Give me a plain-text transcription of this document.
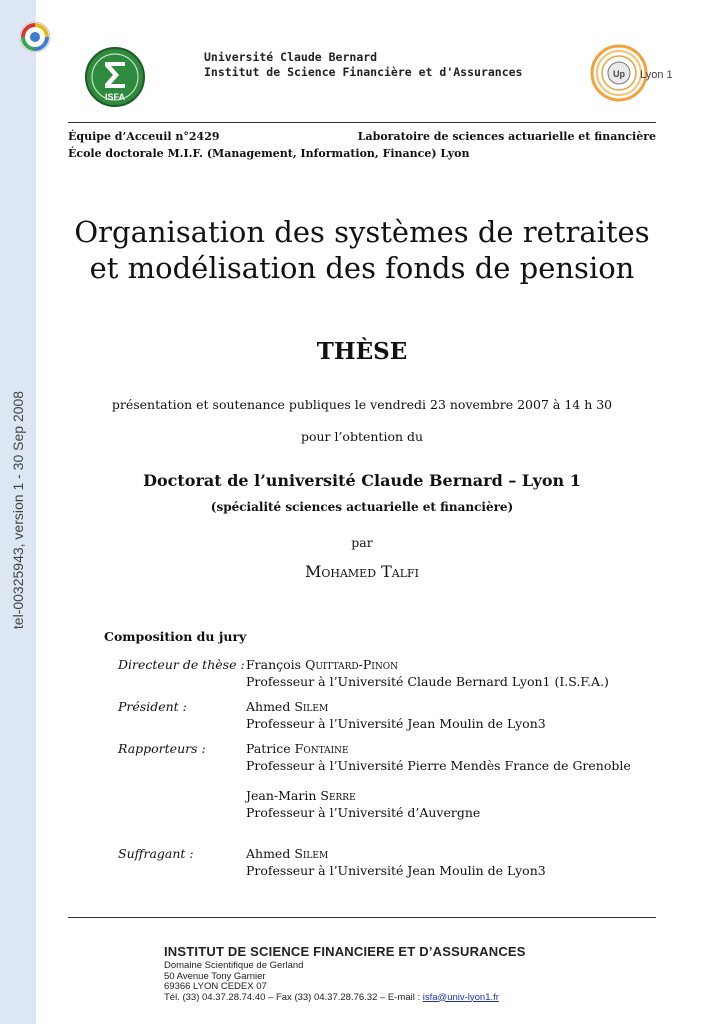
tel-00325943, version 1 - 30 Sep 2008
ISFA
Université Claude Bernard
Institut de Science Financière et d'Assurances	Up Lyon 1
Équipe d’Acceuil n°2429	Laboratoire de sciences actuarielle et financière
École doctorale M.I.F. (Management, Information, Finance) Lyon
Organisation des systèmes de retraites
et modélisation des fonds de pension
THÈSE
présentation et soutenance publiques le vendredi 23 novembre 2007 à 14 h 30
pour l’obtention du
Doctorat de l’université Claude Bernard – Lyon 1
(spécialité sciences actuarielle et financière)
par
Mohamed Talfi
Composition du jury
Directeur de thèse : François Quittard-Pinon
Professeur à l’Université Claude Bernard Lyon1 (I.S.F.A.)
Président :	Ahmed Silem
Professeur à l’Université Jean Moulin de Lyon3
Rapporteurs :	Patrice Fontaine
Professeur à l’Université Pierre Mendès France de Grenoble
Jean-Marin Serre
Professeur à l’Université d’Auvergne
Suffragant :	Ahmed Silem
Professeur à l’Université Jean Moulin de Lyon3
INSTITUT DE SCIENCE FINANCIERE ET D’ASSURANCES
Domaine Scientifique de Gerland
50 Avenue Tony Garnier
69366 LYON CEDEX 07
Tél. (33) 04.37.28.74.40 – Fax (33) 04.37.28.76.32 – E-mail : isfa@univ-lyon1.fr
